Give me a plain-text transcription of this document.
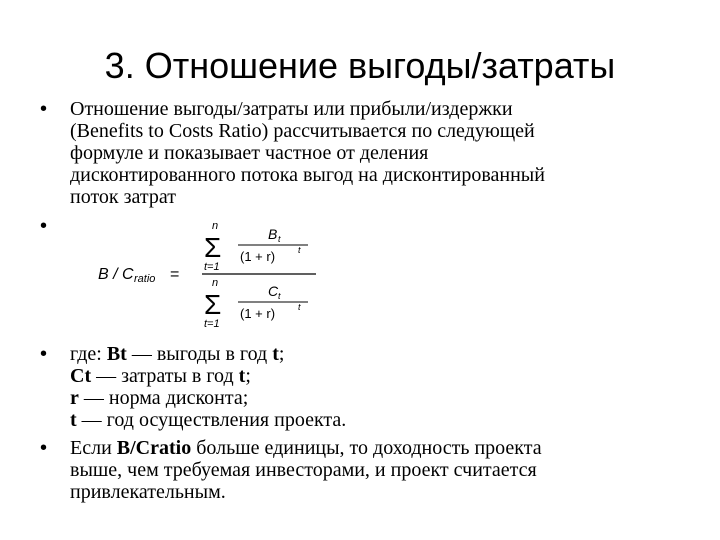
3. Отношение выгоды/затраты
• Отношение выгоды/затраты или прибыли/издержки
(Benefits to Costs Ratio) рассчитывается по следующей
формуле и показывает частное от деления
дисконтированного потока выгод на дисконтированный
поток затрат
•
B / C ratio =
n
Σ
t=1
B t
(1 + r)	t
n
Σ
t=1
C t
(1 + r)	t
• где: Bt — выгоды в год t;
Ct — затраты в год t;
r — норма дисконта;
t — год осуществления проекта.
• Если B/Cratio больше единицы, то доходность проекта
выше, чем требуемая инвесторами, и проект считается
привлекательным.
